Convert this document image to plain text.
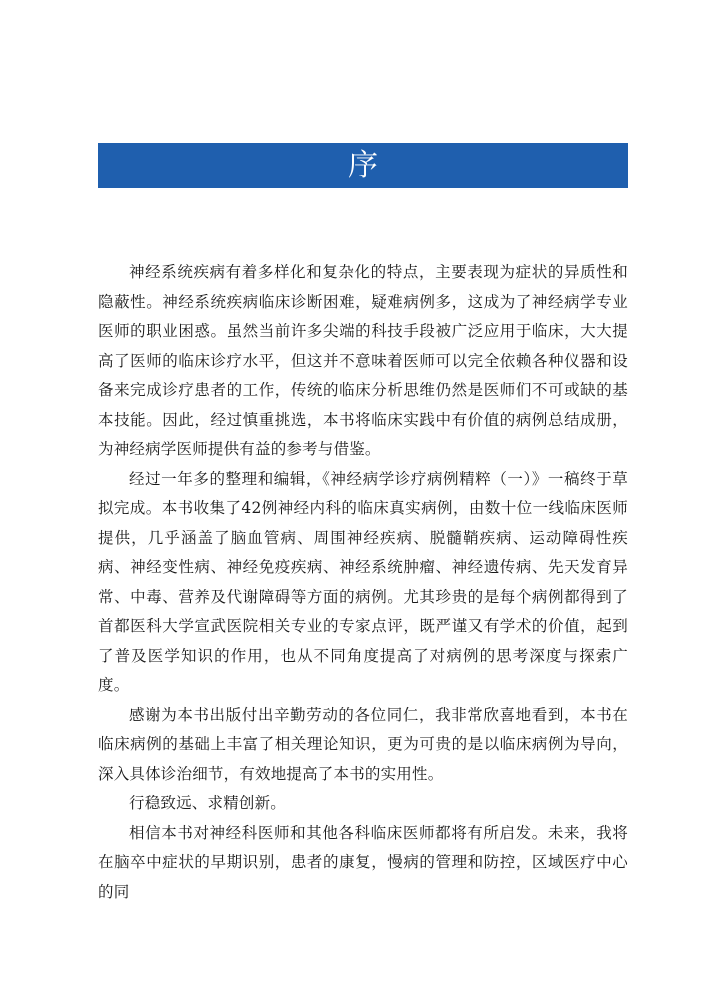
序

神经系统疾病有着多样化和复杂化的特点，主要表现为症状的异质性和隐蔽性。神经系统疾病临床诊断困难，疑难病例多，这成为了神经病学专业医师的职业困惑。虽然当前许多尖端的科技手段被广泛应用于临床，大大提高了医师的临床诊疗水平，但这并不意味着医师可以完全依赖各种仪器和设备来完成诊疗患者的工作，传统的临床分析思维仍然是医师们不可或缺的基本技能。因此，经过慎重挑选，本书将临床实践中有价值的病例总结成册，为神经病学医师提供有益的参考与借鉴。

经过一年多的整理和编辑，《神经病学诊疗病例精粹（一）》一稿终于草拟完成。本书收集了42例神经内科的临床真实病例，由数十位一线临床医师提供，几乎涵盖了脑血管病、周围神经疾病、脱髓鞘疾病、运动障碍性疾病、神经变性病、神经免疫疾病、神经系统肿瘤、神经遗传病、先天发育异常、中毒、营养及代谢障碍等方面的病例。尤其珍贵的是每个病例都得到了首都医科大学宣武医院相关专业的专家点评，既严谨又有学术的价值，起到了普及医学知识的作用，也从不同角度提高了对病例的思考深度与探索广度。

感谢为本书出版付出辛勤劳动的各位同仁，我非常欣喜地看到，本书在临床病例的基础上丰富了相关理论知识，更为可贵的是以临床病例为导向，深入具体诊治细节，有效地提高了本书的实用性。

行稳致远、求精创新。

相信本书对神经科医师和其他各科临床医师都将有所启发。未来，我将在脑卒中症状的早期识别，患者的康复，慢病的管理和防控，区域医疗中心的同
